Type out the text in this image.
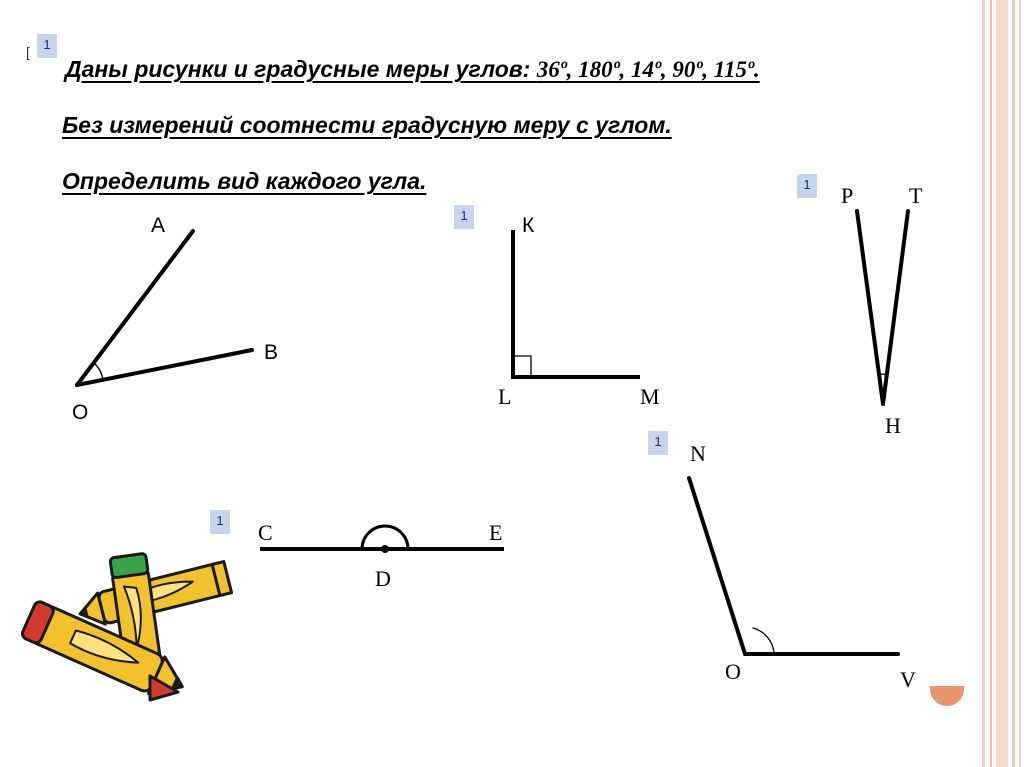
[	1
Даны рисунки и градусные меры углов: 36º, 180º, 14º, 90º, 115º.
Без измерений соотнести градусную меру с углом.
Определить вид каждого угла.
1
1
1
1
A
B
O
К
L	M
P	T
H
C
D
E
N
O	V
